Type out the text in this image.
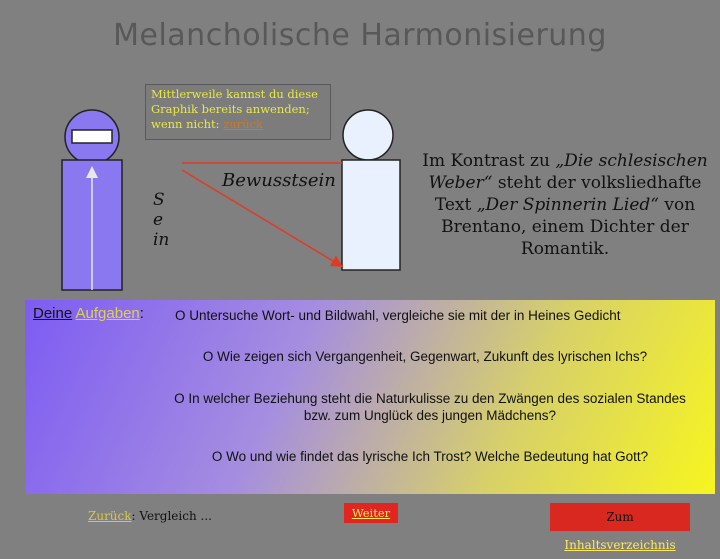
Melancholische Harmonisierung
Mittlerweile kannst du diese Graphik bereits anwenden; wenn nicht: zurück
Bewusstsein
S
e
in
Im Kontrast zu „Die schlesischen Weber“ steht der volksliedhafte Text „Der Spinnerin Lied“ von Brentano, einem Dichter der Romantik.
Deine Aufgaben: O Untersuche Wort- und Bildwahl, vergleiche sie mit der in Heines Gedicht
O Wie zeigen sich Vergangenheit, Gegenwart, Zukunft des lyrischen Ichs?
O In welcher Beziehung steht die Naturkulisse zu den Zwängen des sozialen Standes bzw. zum Unglück des jungen Mädchens?
O Wo und wie findet das lyrische Ich Trost? Welche Bedeutung hat Gott?
Zurück: Vergleich ...	Weiter	Zum Inhaltsverzeichnis
